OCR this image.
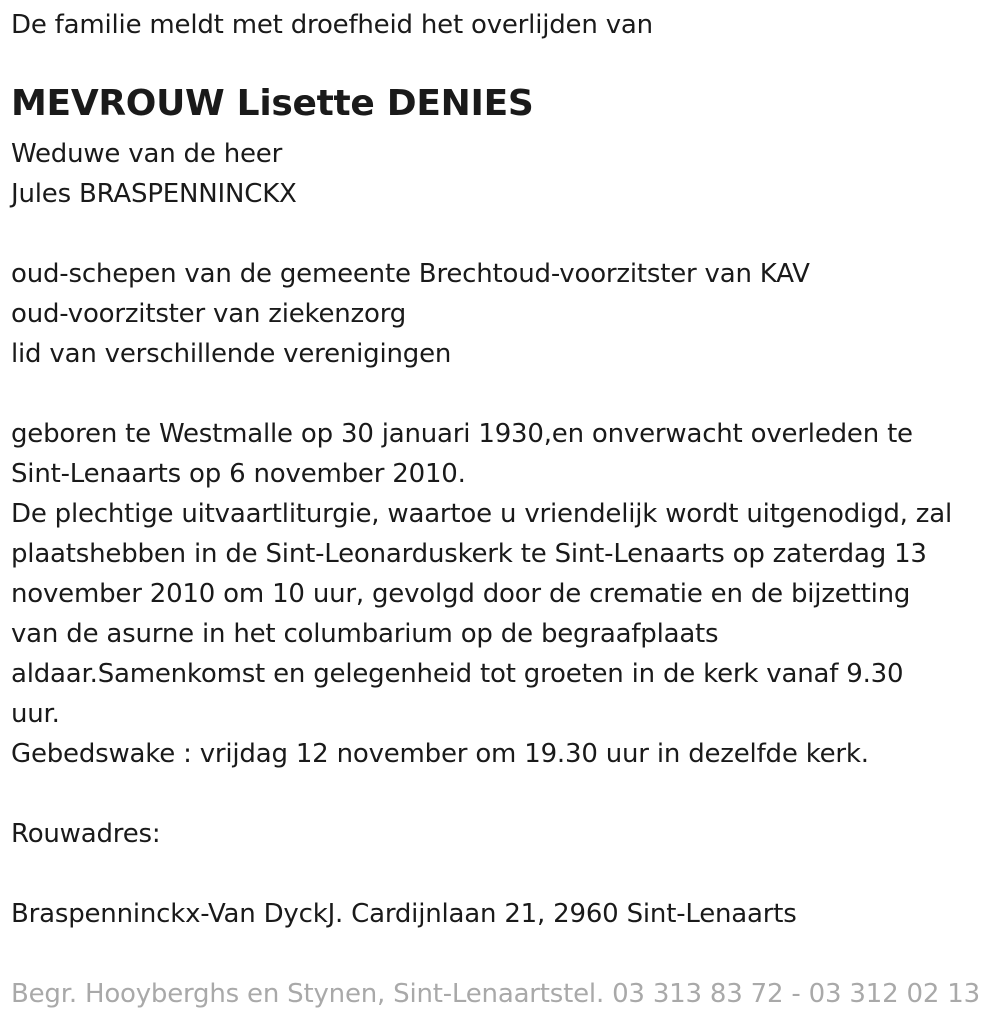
De familie meldt met droefheid het overlijden van
MEVROUW Lisette DENIES
Weduwe van de heer
Jules BRASPENNINCKX
oud-schepen van de gemeente Brechtoud-voorzitster van KAV
oud-voorzitster van ziekenzorg
lid van verschillende verenigingen
geboren te Westmalle op 30 januari 1930,en onverwacht overleden te
Sint-Lenaarts op 6 november 2010.
De plechtige uitvaartliturgie, waartoe u vriendelijk wordt uitgenodigd, zal
plaatshebben in de Sint-Leonarduskerk te Sint-Lenaarts op zaterdag 13
november 2010 om 10 uur, gevolgd door de crematie en de bijzetting
van de asurne in het columbarium op de begraafplaats
aldaar.Samenkomst en gelegenheid tot groeten in de kerk vanaf 9.30
uur.
Gebedswake : vrijdag 12 november om 19.30 uur in dezelfde kerk.
Rouwadres:
Braspenninckx-Van DyckJ. Cardijnlaan 21, 2960 Sint-Lenaarts
Begr. Hooyberghs en Stynen, Sint-Lenaartstel. 03 313 83 72 - 03 312 02 13
